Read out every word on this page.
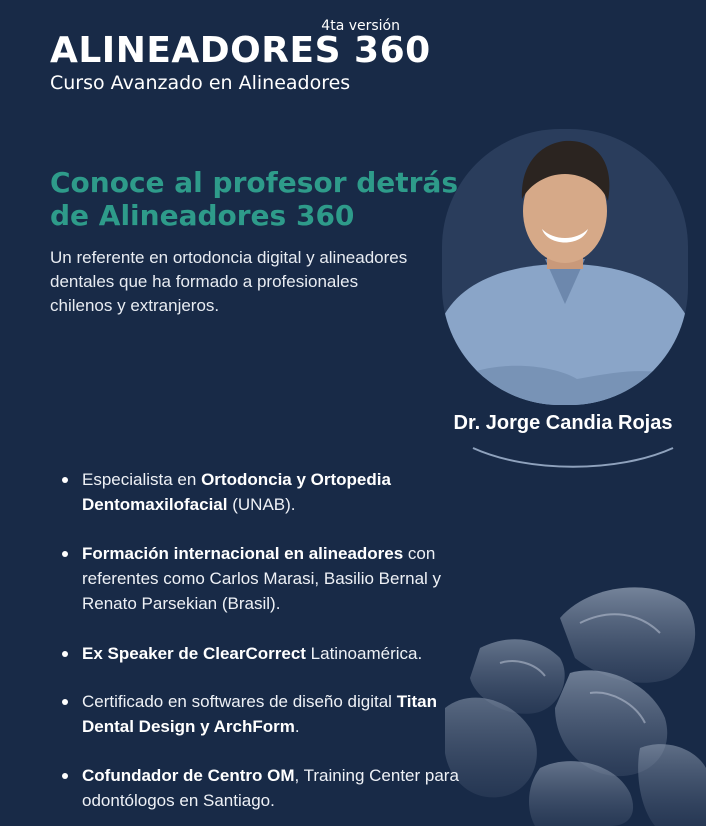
4ta versión
ALINEADORES 360
Curso Avanzado en Alineadores
Conoce al profesor detrás de Alineadores 360
Un referente en ortodoncia digital y alineadores dentales que ha formado a profesionales chilenos y extranjeros.
Dr. Jorge Candia Rojas
Especialista en Ortodoncia y Ortopedia Dentomaxilofacial (UNAB).
Formación internacional en alineadores con referentes como Carlos Marasi, Basilio Bernal y Renato Parsekian (Brasil).
Ex Speaker de ClearCorrect Latinoamérica.
Certificado en softwares de diseño digital Titan Dental Design y ArchForm.
Cofundador de Centro OM, Training Center para odontólogos en Santiago.
